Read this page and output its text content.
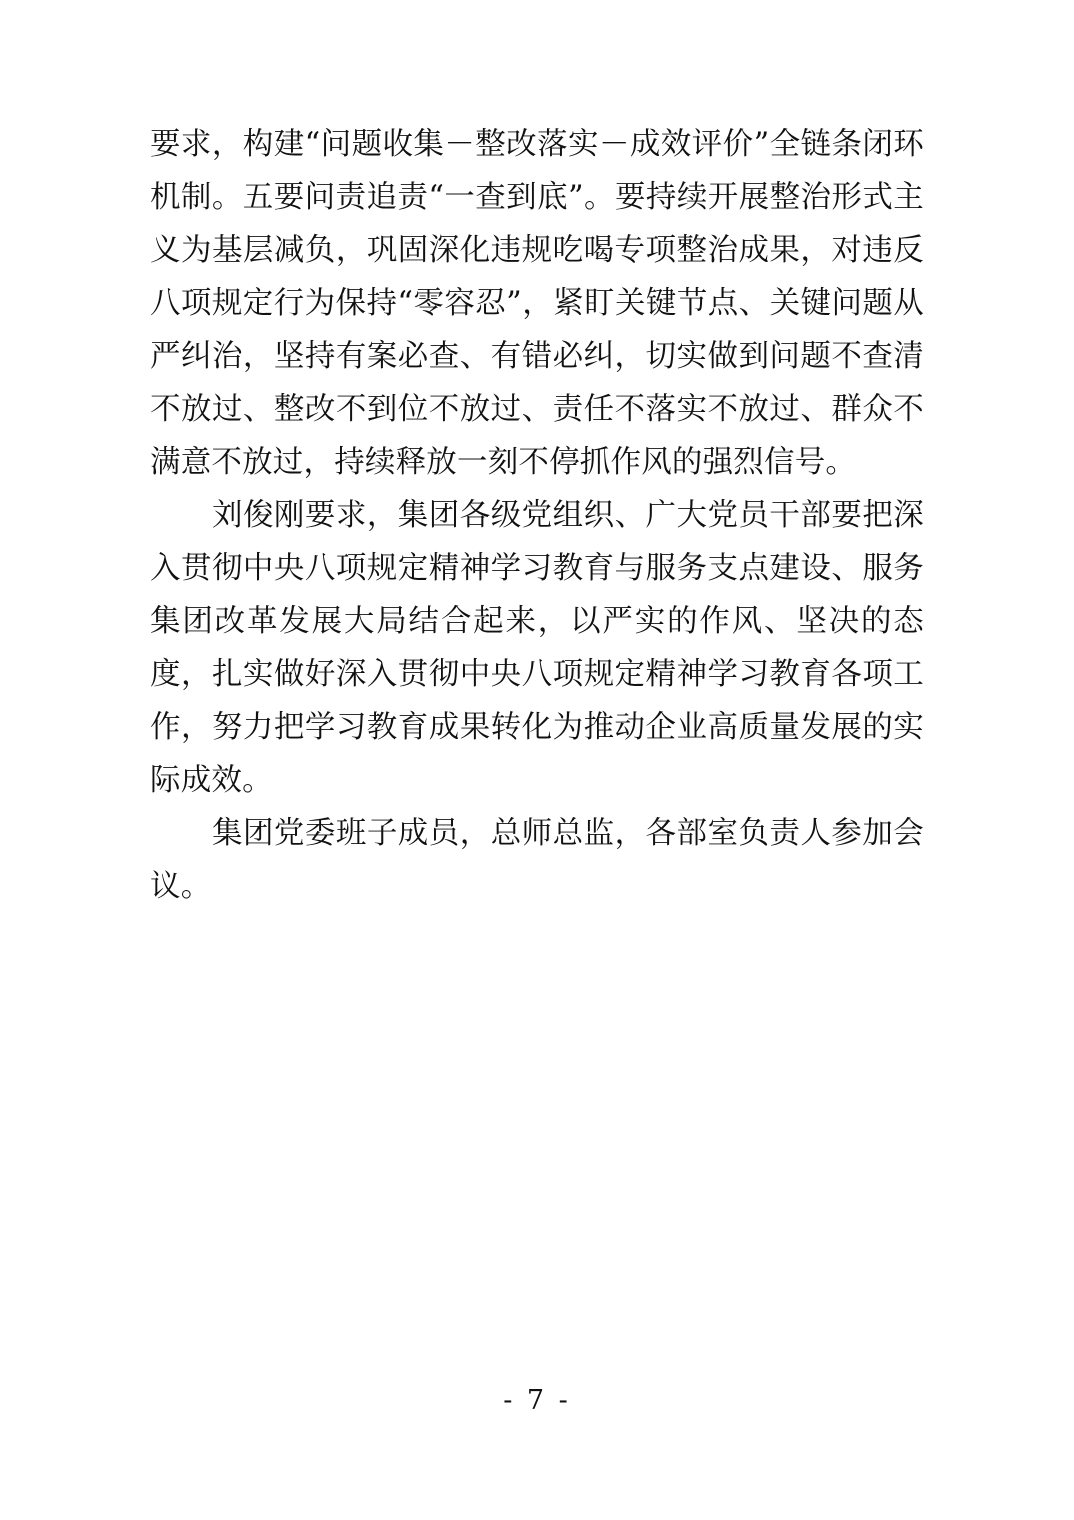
要求，构建“问题收集－整改落实－成效评价”全链条闭环机制。五要问责追责“一查到底”。要持续开展整治形式主义为基层减负，巩固深化违规吃喝专项整治成果，对违反八项规定行为保持“零容忍”，紧盯关键节点、关键问题从严纠治，坚持有案必查、有错必纠，切实做到问题不查清不放过、整改不到位不放过、责任不落实不放过、群众不满意不放过，持续释放一刻不停抓作风的强烈信号。

刘俊刚要求，集团各级党组织、广大党员干部要把深入贯彻中央八项规定精神学习教育与服务支点建设、服务集团改革发展大局结合起来，以严实的作风、坚决的态度，扎实做好深入贯彻中央八项规定精神学习教育各项工作，努力把学习教育成果转化为推动企业高质量发展的实际成效。

集团党委班子成员，总师总监，各部室负责人参加会议。

- 7 -
